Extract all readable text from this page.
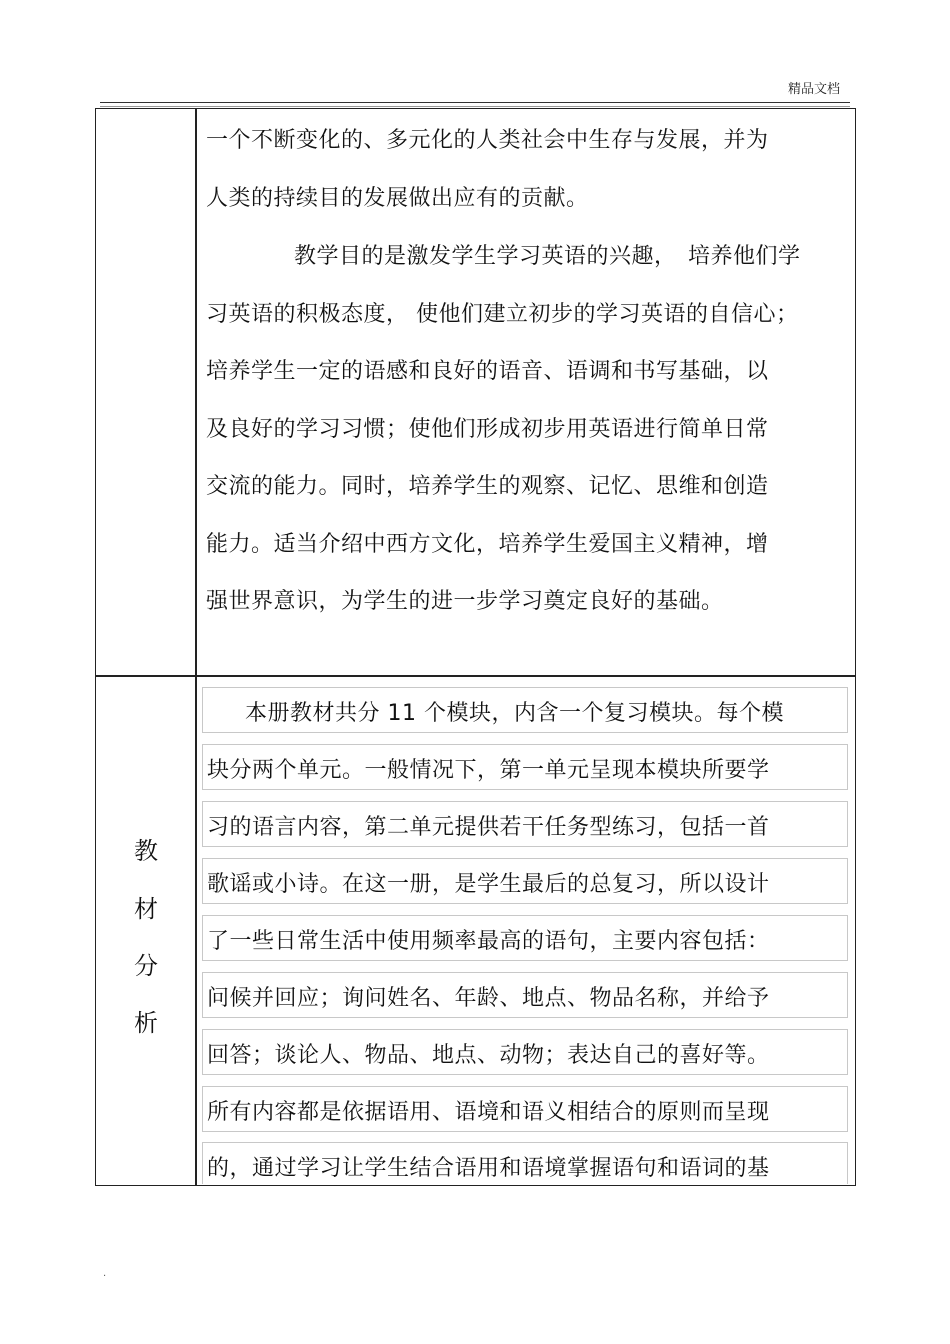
精品文档
一个不断变化的、多元化的人类社会中生存与发展，并为
人类的持续目的发展做出应有的贡献。
教学目的是激发学生学习英语的兴趣，　培养他们学
习英语的积极态度， 使他们建立初步的学习英语的自信心；
培养学生一定的语感和良好的语音、语调和书写基础，以
及良好的学习习惯；使他们形成初步用英语进行简单日常
交流的能力。同时，培养学生的观察、记忆、思维和创造
能力。适当介绍中西方文化，培养学生爱国主义精神，增
强世界意识，为学生的进一步学习奠定良好的基础。
教
材
分
析
本册教材共分 11 个模块，内含一个复习模块。每个模
块分两个单元。一般情况下，第一单元呈现本模块所要学
习的语言内容，第二单元提供若干任务型练习，包括一首
歌谣或小诗。在这一册，是学生最后的总复习，所以设计
了一些日常生活中使用频率最高的语句，主要内容包括：
问候并回应；询问姓名、年龄、地点、物品名称，并给予
回答；谈论人、物品、地点、动物；表达自己的喜好等。
所有内容都是依据语用、语境和语义相结合的原则而呈现
的，通过学习让学生结合语用和语境掌握语句和语词的基
.
